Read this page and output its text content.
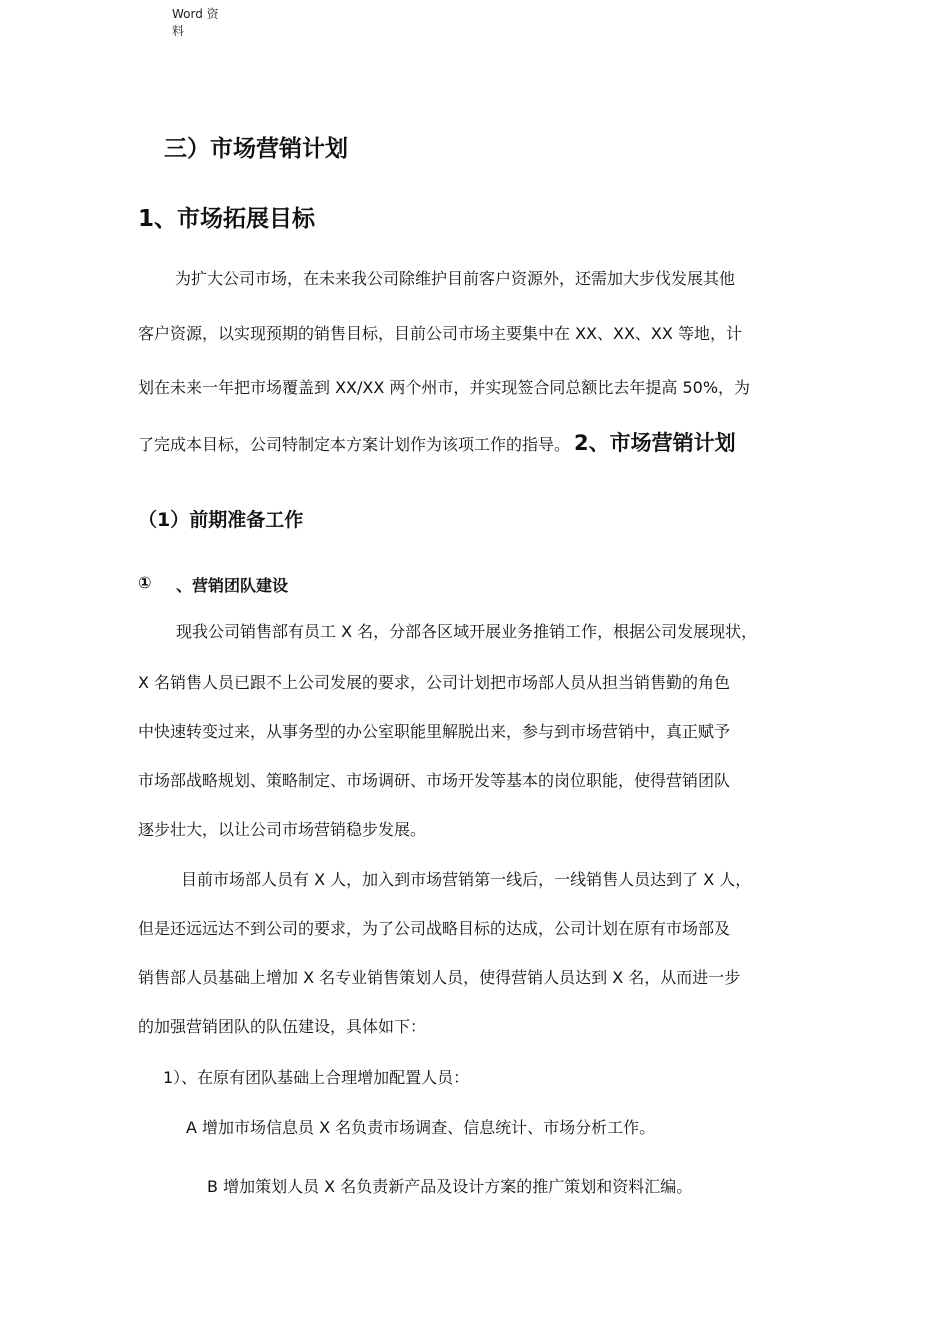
Word 资
料
三）市场营销计划
1、市场拓展目标
为扩大公司市场，在未来我公司除维护目前客户资源外，还需加大步伐发展其他
客户资源，以实现预期的销售目标，目前公司市场主要集中在 XX、XX、XX 等地，计
划在未来一年把市场覆盖到 XX/XX 两个州市，并实现签合同总额比去年提高 50%，为
了完成本目标，公司特制定本方案计划作为该项工作的指导。 2、市场营销计划
（1）前期准备工作
① 、营销团队建设
现我公司销售部有员工 X 名，分部各区域开展业务推销工作，根据公司发展现状，
X 名销售人员已跟不上公司发展的要求，公司计划把市场部人员从担当销售勤的角色
中快速转变过来，从事务型的办公室职能里解脱出来，参与到市场营销中，真正赋予
市场部战略规划、策略制定、市场调研、市场开发等基本的岗位职能，使得营销团队
逐步壮大，以让公司市场营销稳步发展。
目前市场部人员有 X 人，加入到市场营销第一线后，一线销售人员达到了 X 人，
但是还远远达不到公司的要求，为了公司战略目标的达成，公司计划在原有市场部及
销售部人员基础上增加 X 名专业销售策划人员，使得营销人员达到 X 名，从而进一步
的加强营销团队的队伍建设，具体如下：
1）、在原有团队基础上合理增加配置人员：
A 增加市场信息员 X 名负责市场调查、信息统计、市场分析工作。
B 增加策划人员 X 名负责新产品及设计方案的推广策划和资料汇编。
